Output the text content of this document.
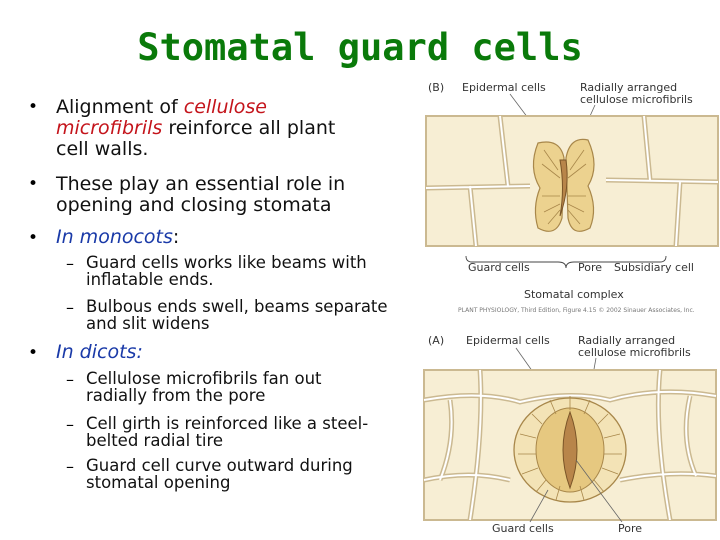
Stomatal guard cells
• Alignment of cellulose
microfibrils reinforce all plant
cell walls.
• These play an essential role in
opening and closing stomata
• In monocots:
– Guard cells works like beams with
inflatable ends.
– Bulbous ends swell, beams separate
and slit widens
• In dicots:
– Cellulose microfibrils fan out
radially from the pore
– Cell girth is reinforced like a steel-
belted radial tire
– Guard cell curve outward during
stomatal opening
(B) Epidermal cells	Radially arranged
cellulose microfibrils
Guard cells	Pore Subsidiary cell
Stomatal complex
PLANT PHYSIOLOGY, Third Edition, Figure 4.15 © 2002 Sinauer Associates, Inc.
(A) Epidermal cells	Radially arranged
cellulose microfibrils
Guard cells	Pore
